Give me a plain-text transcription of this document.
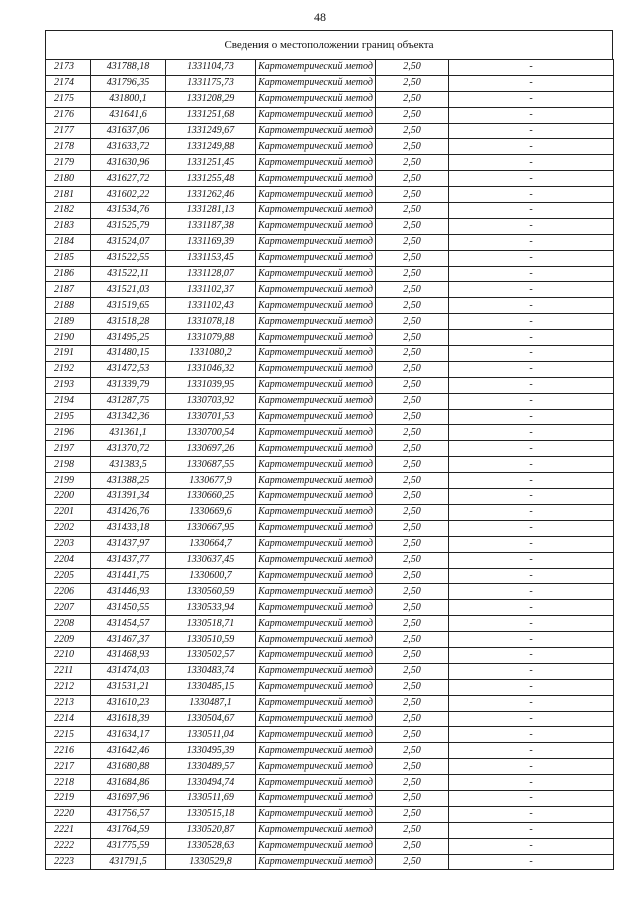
48
Сведения о местоположении границ объекта
2173	431788,18	1331104,73	Картометрический метод	2,50	-
2174	431796,35	1331175,73	Картометрический метод	2,50	-
2175	431800,1	1331208,29	Картометрический метод	2,50	-
2176	431641,6	1331251,68	Картометрический метод	2,50	-
2177	431637,06	1331249,67	Картометрический метод	2,50	-
2178	431633,72	1331249,88	Картометрический метод	2,50	-
2179	431630,96	1331251,45	Картометрический метод	2,50	-
2180	431627,72	1331255,48	Картометрический метод	2,50	-
2181	431602,22	1331262,46	Картометрический метод	2,50	-
2182	431534,76	1331281,13	Картометрический метод	2,50	-
2183	431525,79	1331187,38	Картометрический метод	2,50	-
2184	431524,07	1331169,39	Картометрический метод	2,50	-
2185	431522,55	1331153,45	Картометрический метод	2,50	-
2186	431522,11	1331128,07	Картометрический метод	2,50	-
2187	431521,03	1331102,37	Картометрический метод	2,50	-
2188	431519,65	1331102,43	Картометрический метод	2,50	-
2189	431518,28	1331078,18	Картометрический метод	2,50	-
2190	431495,25	1331079,88	Картометрический метод	2,50	-
2191	431480,15	1331080,2	Картометрический метод	2,50	-
2192	431472,53	1331046,32	Картометрический метод	2,50	-
2193	431339,79	1331039,95	Картометрический метод	2,50	-
2194	431287,75	1330703,92	Картометрический метод	2,50	-
2195	431342,36	1330701,53	Картометрический метод	2,50	-
2196	431361,1	1330700,54	Картометрический метод	2,50	-
2197	431370,72	1330697,26	Картометрический метод	2,50	-
2198	431383,5	1330687,55	Картометрический метод	2,50	-
2199	431388,25	1330677,9	Картометрический метод	2,50	-
2200	431391,34	1330660,25	Картометрический метод	2,50	-
2201	431426,76	1330669,6	Картометрический метод	2,50	-
2202	431433,18	1330667,95	Картометрический метод	2,50	-
2203	431437,97	1330664,7	Картометрический метод	2,50	-
2204	431437,77	1330637,45	Картометрический метод	2,50	-
2205	431441,75	1330600,7	Картометрический метод	2,50	-
2206	431446,93	1330560,59	Картометрический метод	2,50	-
2207	431450,55	1330533,94	Картометрический метод	2,50	-
2208	431454,57	1330518,71	Картометрический метод	2,50	-
2209	431467,37	1330510,59	Картометрический метод	2,50	-
2210	431468,93	1330502,57	Картометрический метод	2,50	-
2211	431474,03	1330483,74	Картометрический метод	2,50	-
2212	431531,21	1330485,15	Картометрический метод	2,50	-
2213	431610,23	1330487,1	Картометрический метод	2,50	-
2214	431618,39	1330504,67	Картометрический метод	2,50	-
2215	431634,17	1330511,04	Картометрический метод	2,50	-
2216	431642,46	1330495,39	Картометрический метод	2,50	-
2217	431680,88	1330489,57	Картометрический метод	2,50	-
2218	431684,86	1330494,74	Картометрический метод	2,50	-
2219	431697,96	1330511,69	Картометрический метод	2,50	-
2220	431756,57	1330515,18	Картометрический метод	2,50	-
2221	431764,59	1330520,87	Картометрический метод	2,50	-
2222	431775,59	1330528,63	Картометрический метод	2,50	-
2223	431791,5	1330529,8	Картометрический метод	2,50	-
